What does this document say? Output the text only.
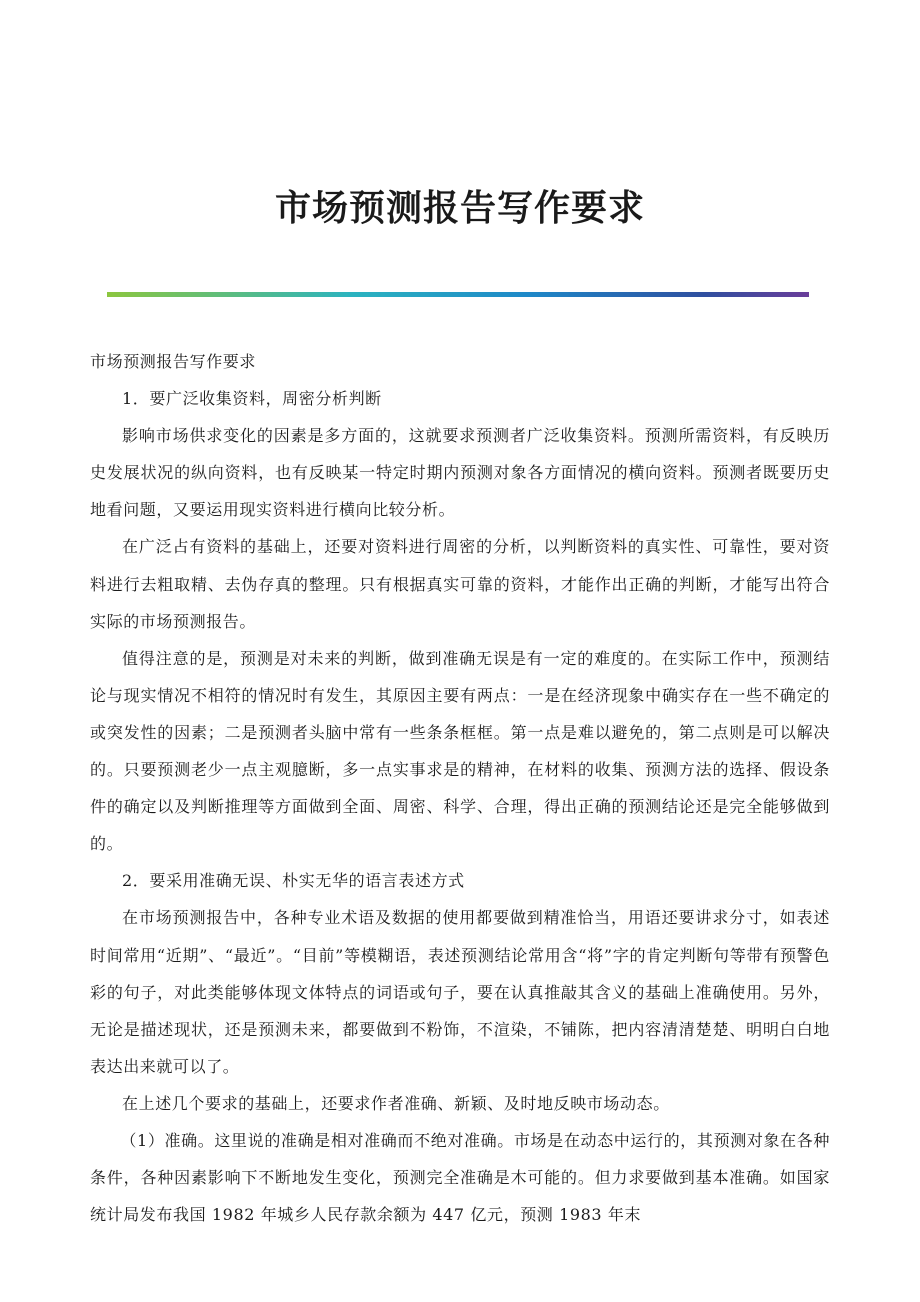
市场预测报告写作要求

市场预测报告写作要求

1．要广泛收集资料，周密分析判断

影响市场供求变化的因素是多方面的，这就要求预测者广泛收集资料。预测所需资料，有反映历史发展状况的纵向资料，也有反映某一特定时期内预测对象各方面情况的横向资料。预测者既要历史地看问题，又要运用现实资料进行横向比较分析。

在广泛占有资料的基础上，还要对资料进行周密的分析，以判断资料的真实性、可靠性，要对资料进行去粗取精、去伪存真的整理。只有根据真实可靠的资料，才能作出正确的判断，才能写出符合实际的市场预测报告。

值得注意的是，预测是对未来的判断，做到准确无误是有一定的难度的。在实际工作中，预测结论与现实情况不相符的情况时有发生，其原因主要有两点：一是在经济现象中确实存在一些不确定的或突发性的因素；二是预测者头脑中常有一些条条框框。第一点是难以避免的，第二点则是可以解决的。只要预测老少一点主观臆断，多一点实事求是的精神，在材料的收集、预测方法的选择、假设条件的确定以及判断推理等方面做到全面、周密、科学、合理，得出正确的预测结论还是完全能够做到的。

2．要采用准确无误、朴实无华的语言表述方式

在市场预测报告中，各种专业术语及数据的使用都要做到精准恰当，用语还要讲求分寸，如表述时间常用“近期”、“最近”。“目前”等模糊语，表述预测结论常用含“将”字的肯定判断句等带有预警色彩的句子，对此类能够体现文体特点的词语或句子，要在认真推敲其含义的基础上准确使用。另外，无论是描述现状，还是预测未来，都要做到不粉饰，不渲染，不铺陈，把内容清清楚楚、明明白白地表达出来就可以了。

在上述几个要求的基础上，还要求作者准确、新颖、及时地反映市场动态。

（1）准确。这里说的准确是相对准确而不绝对准确。市场是在动态中运行的，其预测对象在各种条件，各种因素影响下不断地发生变化，预测完全准确是木可能的。但力求要做到基本准确。如国家统计局发布我国 1982 年城乡人民存款余额为 447 亿元，预测 1983 年末
